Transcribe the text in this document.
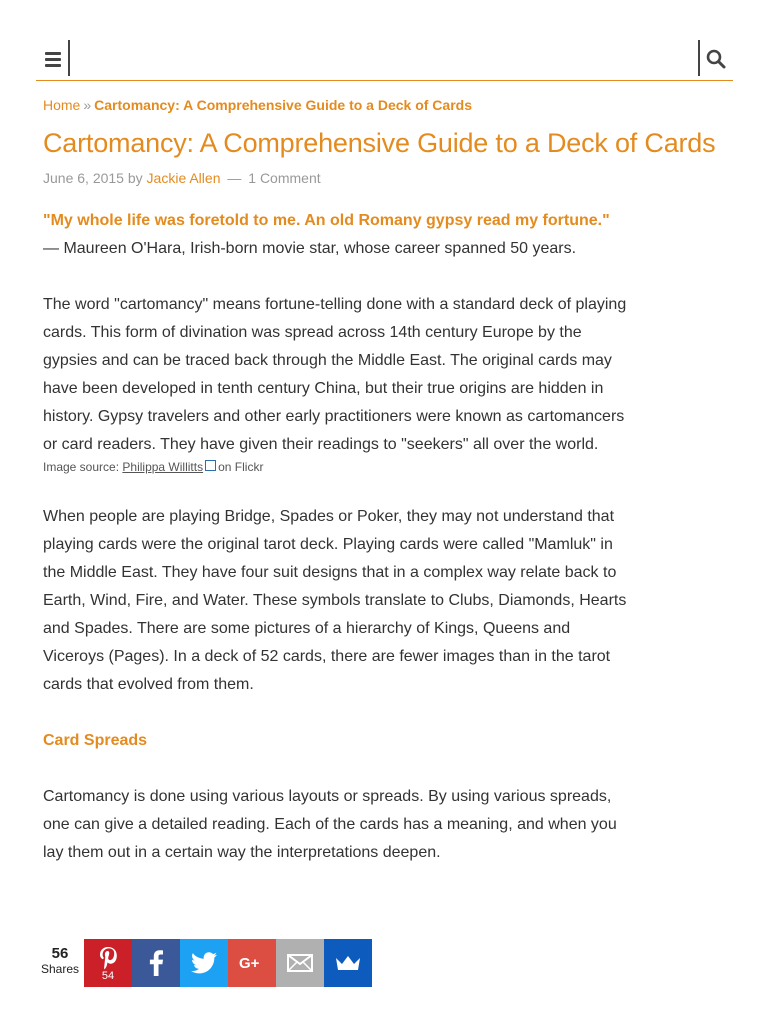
Home » Cartomancy: A Comprehensive Guide to a Deck of Cards
Cartomancy: A Comprehensive Guide to a Deck of Cards
June 6, 2015 by Jackie Allen — 1 Comment

"My whole life was foretold to me. An old Romany gypsy read my fortune."

— Maureen O'Hara, Irish-born movie star, whose career spanned 50 years.

The word "cartomancy" means fortune-telling done with a standard deck of playing cards. This form of divination was spread across 14th century Europe by the gypsies and can be traced back through the Middle East. The original cards may have been developed in tenth century China, but their true origins are hidden in history. Gypsy travelers and other early practitioners were known as cartomancers or card readers. They have given their readings to "seekers" all over the world.

Image source: Philippa Willitts on Flickr

When people are playing Bridge, Spades or Poker, they may not understand that playing cards were the original tarot deck. Playing cards were called "Mamluk" in the Middle East. They have four suit designs that in a complex way relate back to Earth, Wind, Fire, and Water. These symbols translate to Clubs, Diamonds, Hearts and Spades. There are some pictures of a hierarchy of Kings, Queens and Viceroys (Pages). In a deck of 52 cards, there are fewer images than in the tarot cards that evolved from them.

Card Spreads

Cartomancy is done using various layouts or spreads. By using various spreads, one can give a detailed reading. Each of the cards has a meaning, and when you lay them out in a certain way the interpretations deepen.

56
Shares	54
G+
